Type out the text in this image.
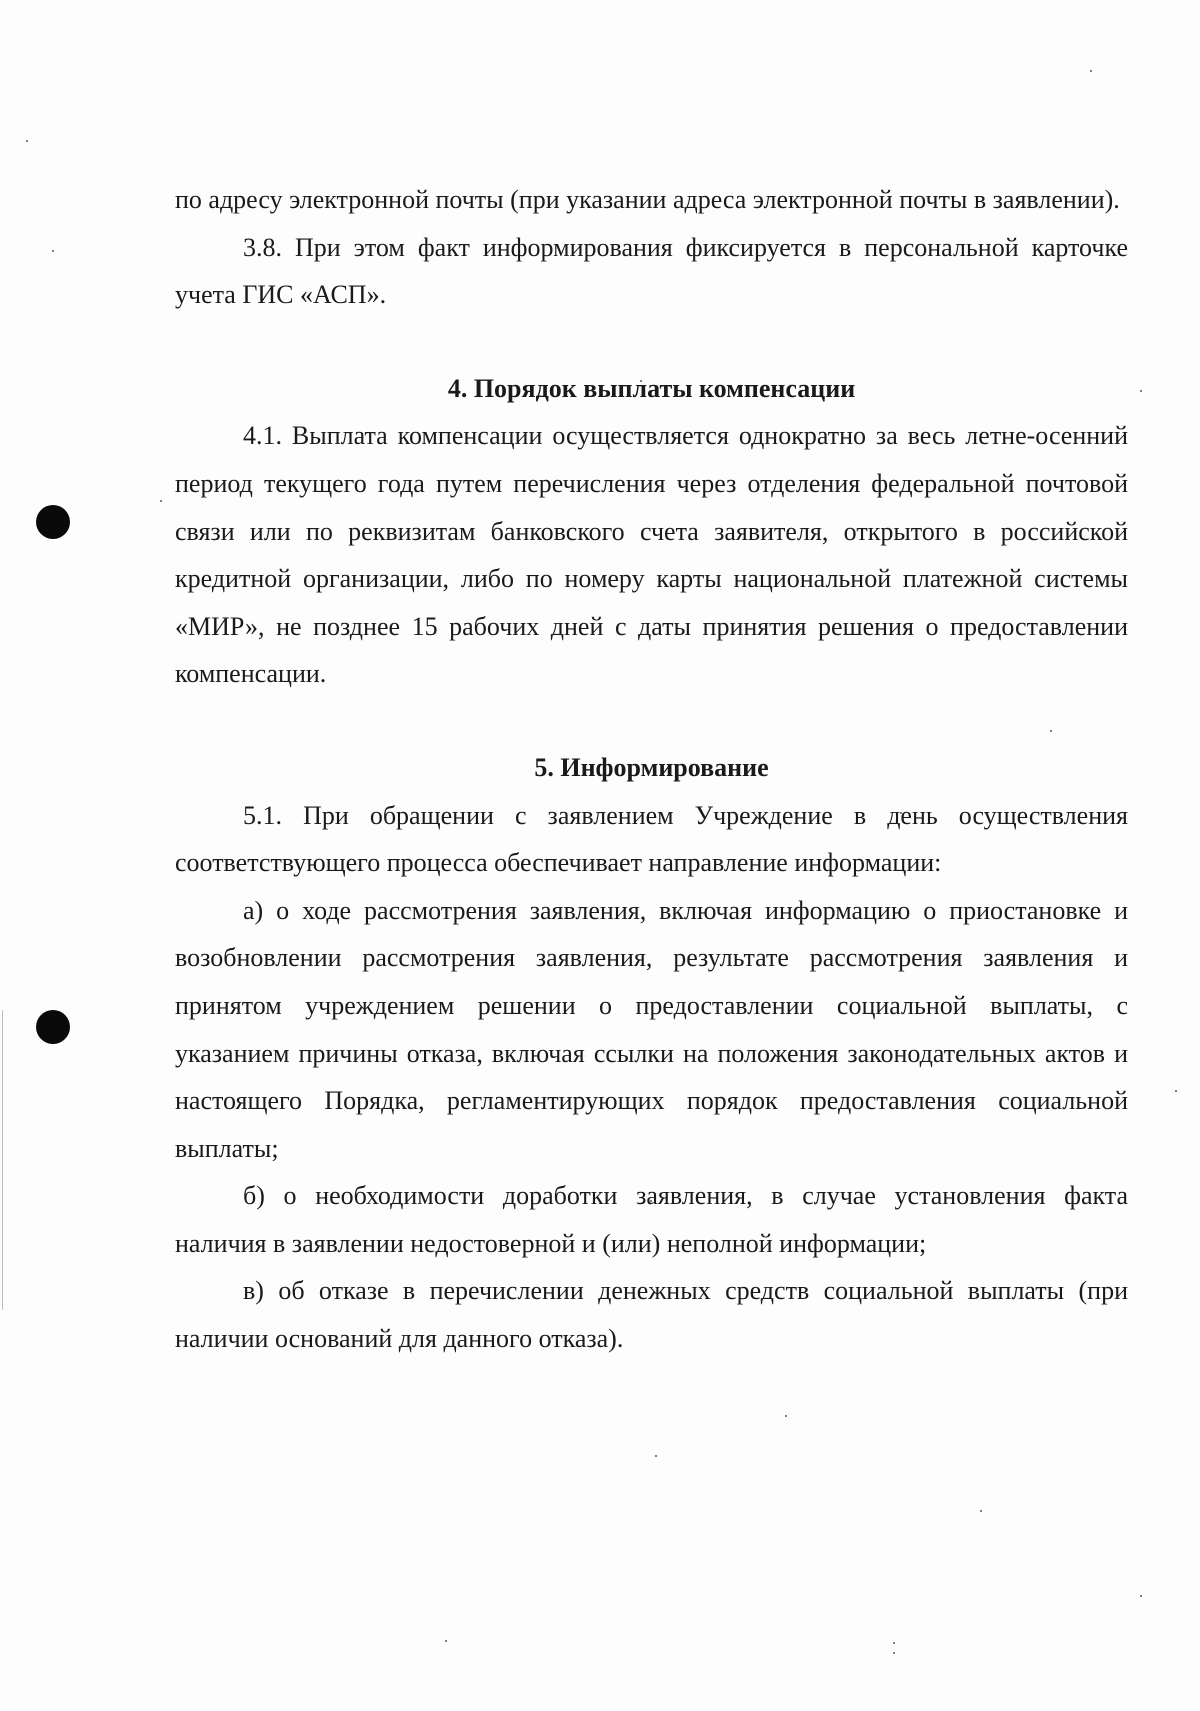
по адресу электронной почты (при указании адреса электронной почты в заявлении).

3.8. При этом факт информирования фиксируется в персональной карточке учета ГИС «АСП».

4. Порядок выплаты компенсации

4.1. Выплата компенсации осуществляется однократно за весь летне-осенний период текущего года путем перечисления через отделения федеральной почтовой связи или по реквизитам банковского счета заявителя, открытого в российской кредитной организации, либо по номеру карты национальной платежной системы «МИР», не позднее 15 рабочих дней с даты принятия решения о предоставлении компенсации.

5. Информирование

5.1. При обращении с заявлением Учреждение в день осуществления соответствующего процесса обеспечивает направление информации:

а) о ходе рассмотрения заявления, включая информацию о приостановке и возобновлении рассмотрения заявления, результате рассмотрения заявления и принятом учреждением решении о предоставлении социальной выплаты, с указанием причины отказа, включая ссылки на положения законодательных актов и настоящего Порядка, регламентирующих порядок предоставления социальной выплаты;

б) о необходимости доработки заявления, в случае установления факта наличия в заявлении недостоверной и (или) неполной информации;

в) об отказе в перечислении денежных средств социальной выплаты (при наличии оснований для данного отказа).
